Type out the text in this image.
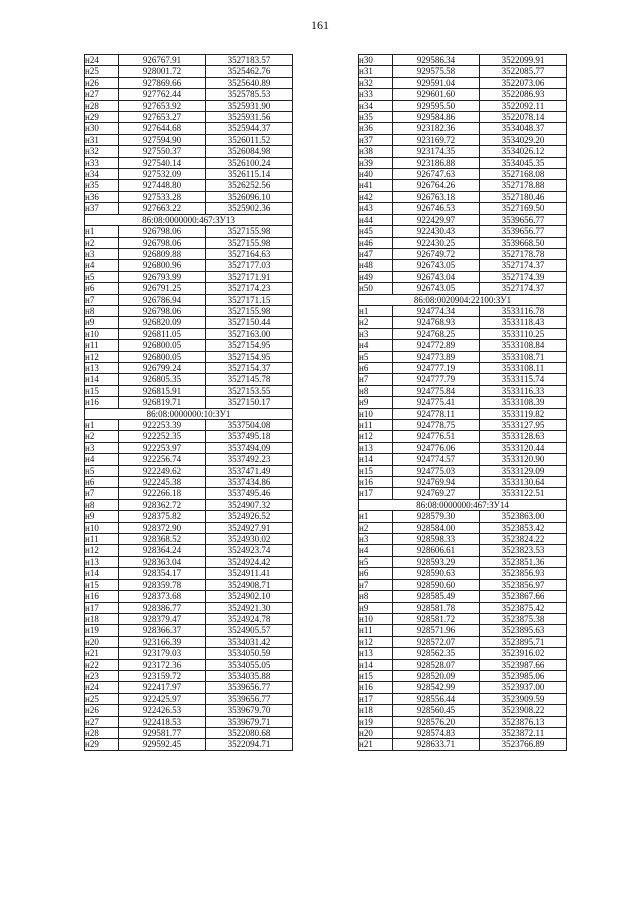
161
н24	926767.91	3527183.57
н25	928001.72	3525462.76
н26	927869.66	3525640.89
н27	927762.44	3525785.53
н28	927653.92	3525931.90
н29	927653.27	3525931.56
н30	927644.68	3525944.37
н31	927594.90	3526011.52
н32	927550.37	3526084.98
н33	927540.14	3526100.24
н34	927532.09	3526115.14
н35	927448.80	3526252.56
н36	927533.28	3526096.10
н37	927663.22	3525902.36
86:08:0000000:467:ЗУ13		
н1	926798.06	3527155.98
н2	926798.06	3527155.98
н3	926809.88	3527164.63
н4	926800.96	3527177.03
н5	926793.99	3527171.91
н6	926791.25	3527174.23
н7	926786.94	3527171.15
н8	926798.06	3527155.98
н9	926820.09	3527150.44
н10	926811.05	3527163.00
н11	926800.05	3527154.95
н12	926800.05	3527154.95
н13	926799.24	3527154.37
н14	926805.35	3527145.78
н15	926815.91	3527153.55
н16	926819.71	3527150.17
86:08:0000000:10:ЗУ1		
н1	922253.39	3537504.08
н2	922252.35	3537495.18
н3	922253.97	3537494.09
н4	922256.74	3537492.23
н5	922249.62	3537471.49
н6	922245.38	3537434.86
н7	922266.18	3537495.46
н8	928362.72	3524907.32
н9	928375.82	3524926.52
н10	928372.90	3524927.91
н11	928368.52	3524930.02
н12	928364.24	3524923.74
н13	928363.04	3524924.42
н14	928354.17	3524911.41
н15	928359.78	3524908.71
н16	928373.68	3524902.10
н17	928386.77	3524921.30
н18	928379.47	3524924.78
н19	928366.37	3524905.57
н20	923166.39	3534031.42
н21	923179.03	3534050.59
н22	923172.36	3534055.05
н23	923159.72	3534035.88
н24	922417.97	3539656.77
н25	922425.97	3539656.77
н26	922426.53	3539679.70
н27	922418.53	3539679.71
н28	929581.77	3522080.68
н29	929592.45	3522094.71
н30	929586.34	3522099.91
н31	929575.58	3522085.77
н32	929591.04	3522073.06
н33	929601.60	3522086.93
н34	929595.50	3522092.11
н35	929584.86	3522078.14
н36	923182.36	3534048.37
н37	923169.72	3534029.20
н38	923174.35	3534026.12
н39	923186.88	3534045.35
н40	926747.63	3527168.08
н41	926764.26	3527178.88
н42	926763.18	3527180.46
н43	926746.53	3527169.50
н44	922429.97	3539656.77
н45	922430.43	3539656.77
н46	922430.25	3539668.50
н47	926749.72	3527178.78
н48	926743.05	3527174.37
н49	926743.04	3527174.39
н50	926743.05	3527174.37
86:08:0020904:22100:ЗУ1		
н1	924774.34	3533116.78
н2	924768.93	3533118.43
н3	924768.25	3533110.25
н4	924772.89	3533108.84
н5	924773.89	3533108.71
н6	924777.19	3533108.11
н7	924777.79	3533115.74
н8	924775.84	3533116.33
н9	924775.41	3533108.39
н10	924778.11	3533119.82
н11	924778.75	3533127.95
н12	924776.51	3533128.63
н13	924776.06	3533120.44
н14	924774.57	3533120.90
н15	924775.03	3533129.09
н16	924769.94	3533130.64
н17	924769.27	3533122.51
86:08:0000000:467:ЗУ14		
н1	928579.30	3523863.00
н2	928584.00	3523853.42
н3	928598.33	3523824.22
н4	928606.61	3523823.53
н5	928593.29	3523851.36
н6	928590.63	3523856.93
н7	928590.60	3523856.97
н8	928585.49	3523867.66
н9	928581.78	3523875.42
н10	928581.72	3523875.38
н11	928571.96	3523895.63
н12	928572.07	3523895.71
н13	928562.35	3523916.02
н14	928528.07	3523987.66
н15	928520.09	3523985.06
н16	928542.99	3523937.00
н17	928556.44	3523909.59
н18	928560.45	3523908.22
н19	928576.20	3523876.13
н20	928574.83	3523872.11
н21	928633.71	3523766.89
